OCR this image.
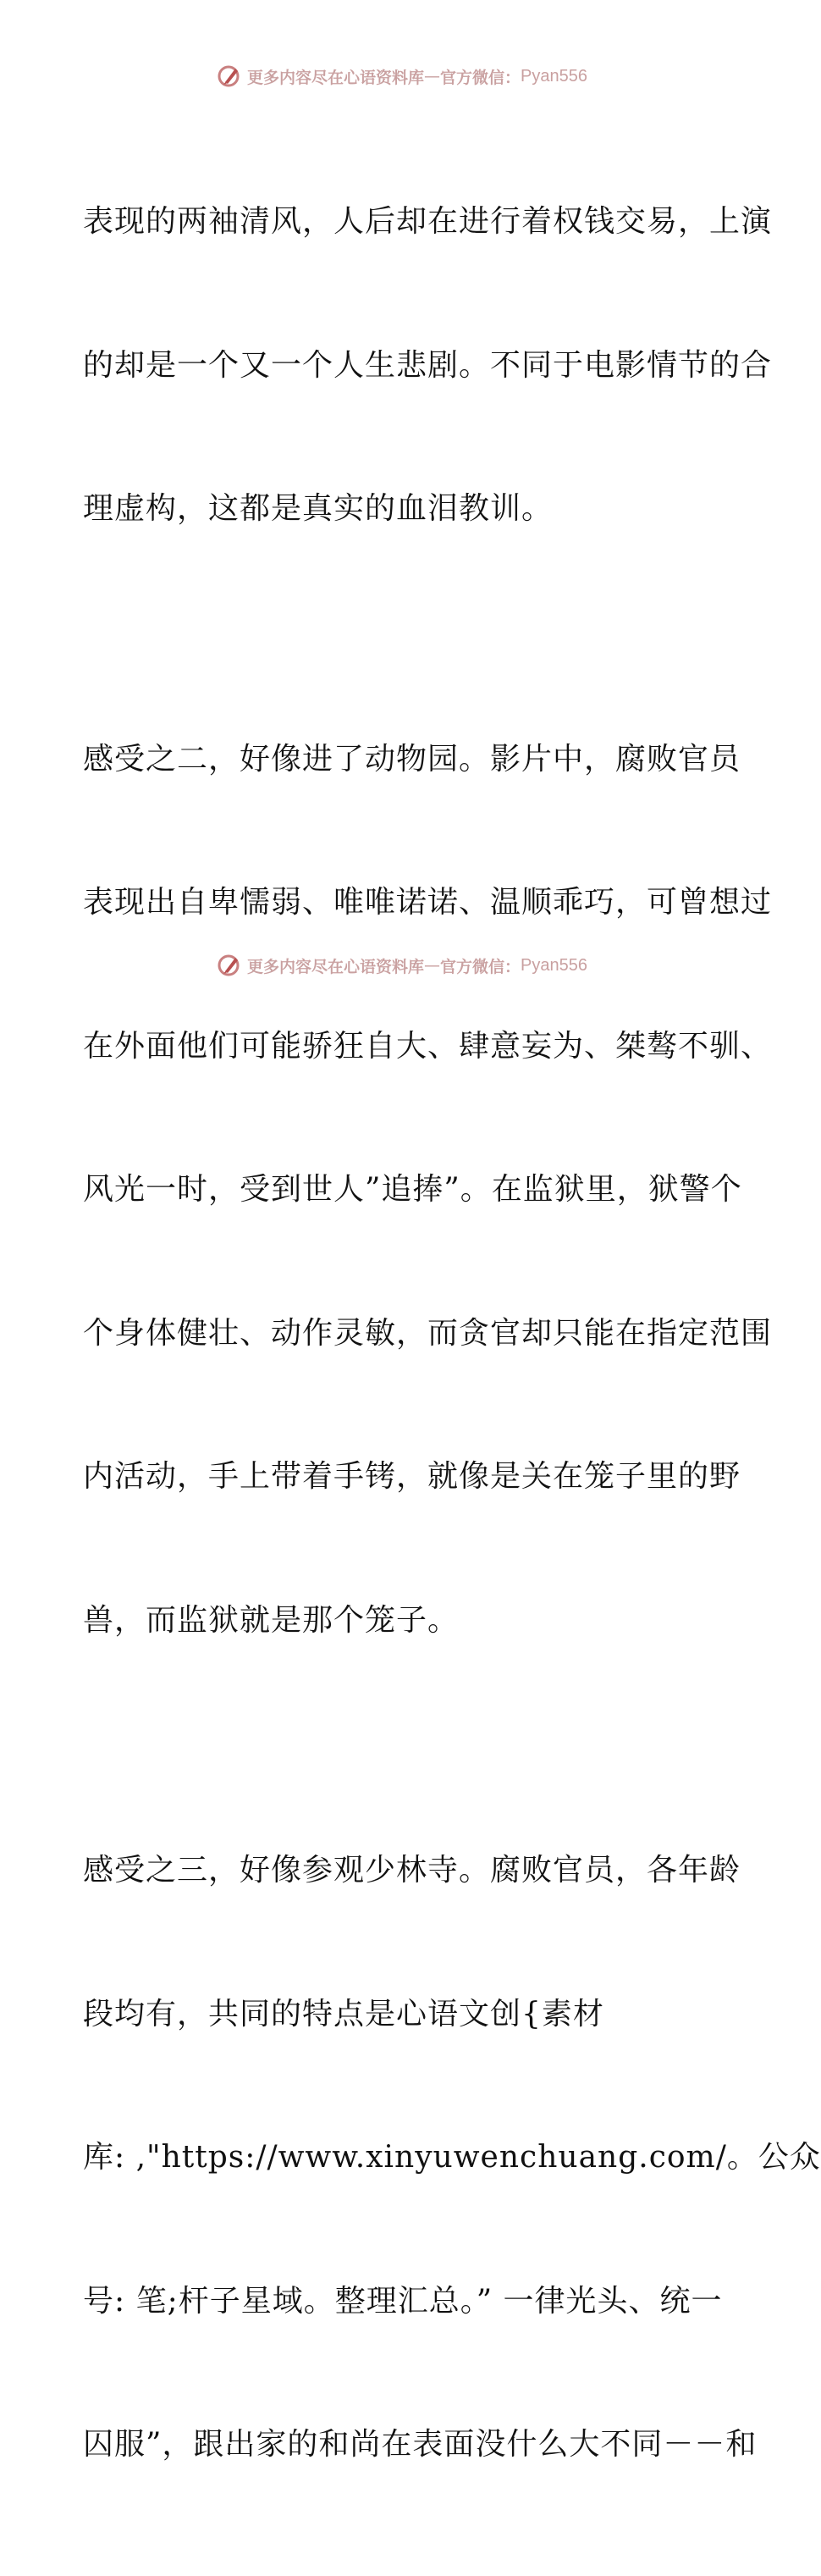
更多内容尽在心语资料库 — 官方微信： Pyan556

表现的两袖清风，人后却在进行着权钱交易，上演

的却是一个又一个人生悲剧。不同于电影情节的合

理虚构，这都是真实的血泪教训。

感受之二，好像进了动物园。影片中，腐败官员

表现出自卑懦弱、唯唯诺诺、温顺乖巧，可曾想过

在外面他们可能骄狂自大、肆意妄为、桀骜不驯、

风光一时，受到世人”追捧”。在监狱里，狱警个

个身体健壮、动作灵敏，而贪官却只能在指定范围

内活动，手上带着手铐，就像是关在笼子里的野

兽，而监狱就是那个笼子。

感受之三，好像参观少林寺。腐败官员，各年龄

段均有，共同的特点是心语文创{素材

库: ,"https://www.xinyuwenchuang.com/。公众

号: 笔;杆子星域。整理汇总。” 一律光头、统一

囚服”，跟出家的和尚在表面没什么大不同－－和

更多内容尽在心语资料库 — 官方微信： Pyan556
